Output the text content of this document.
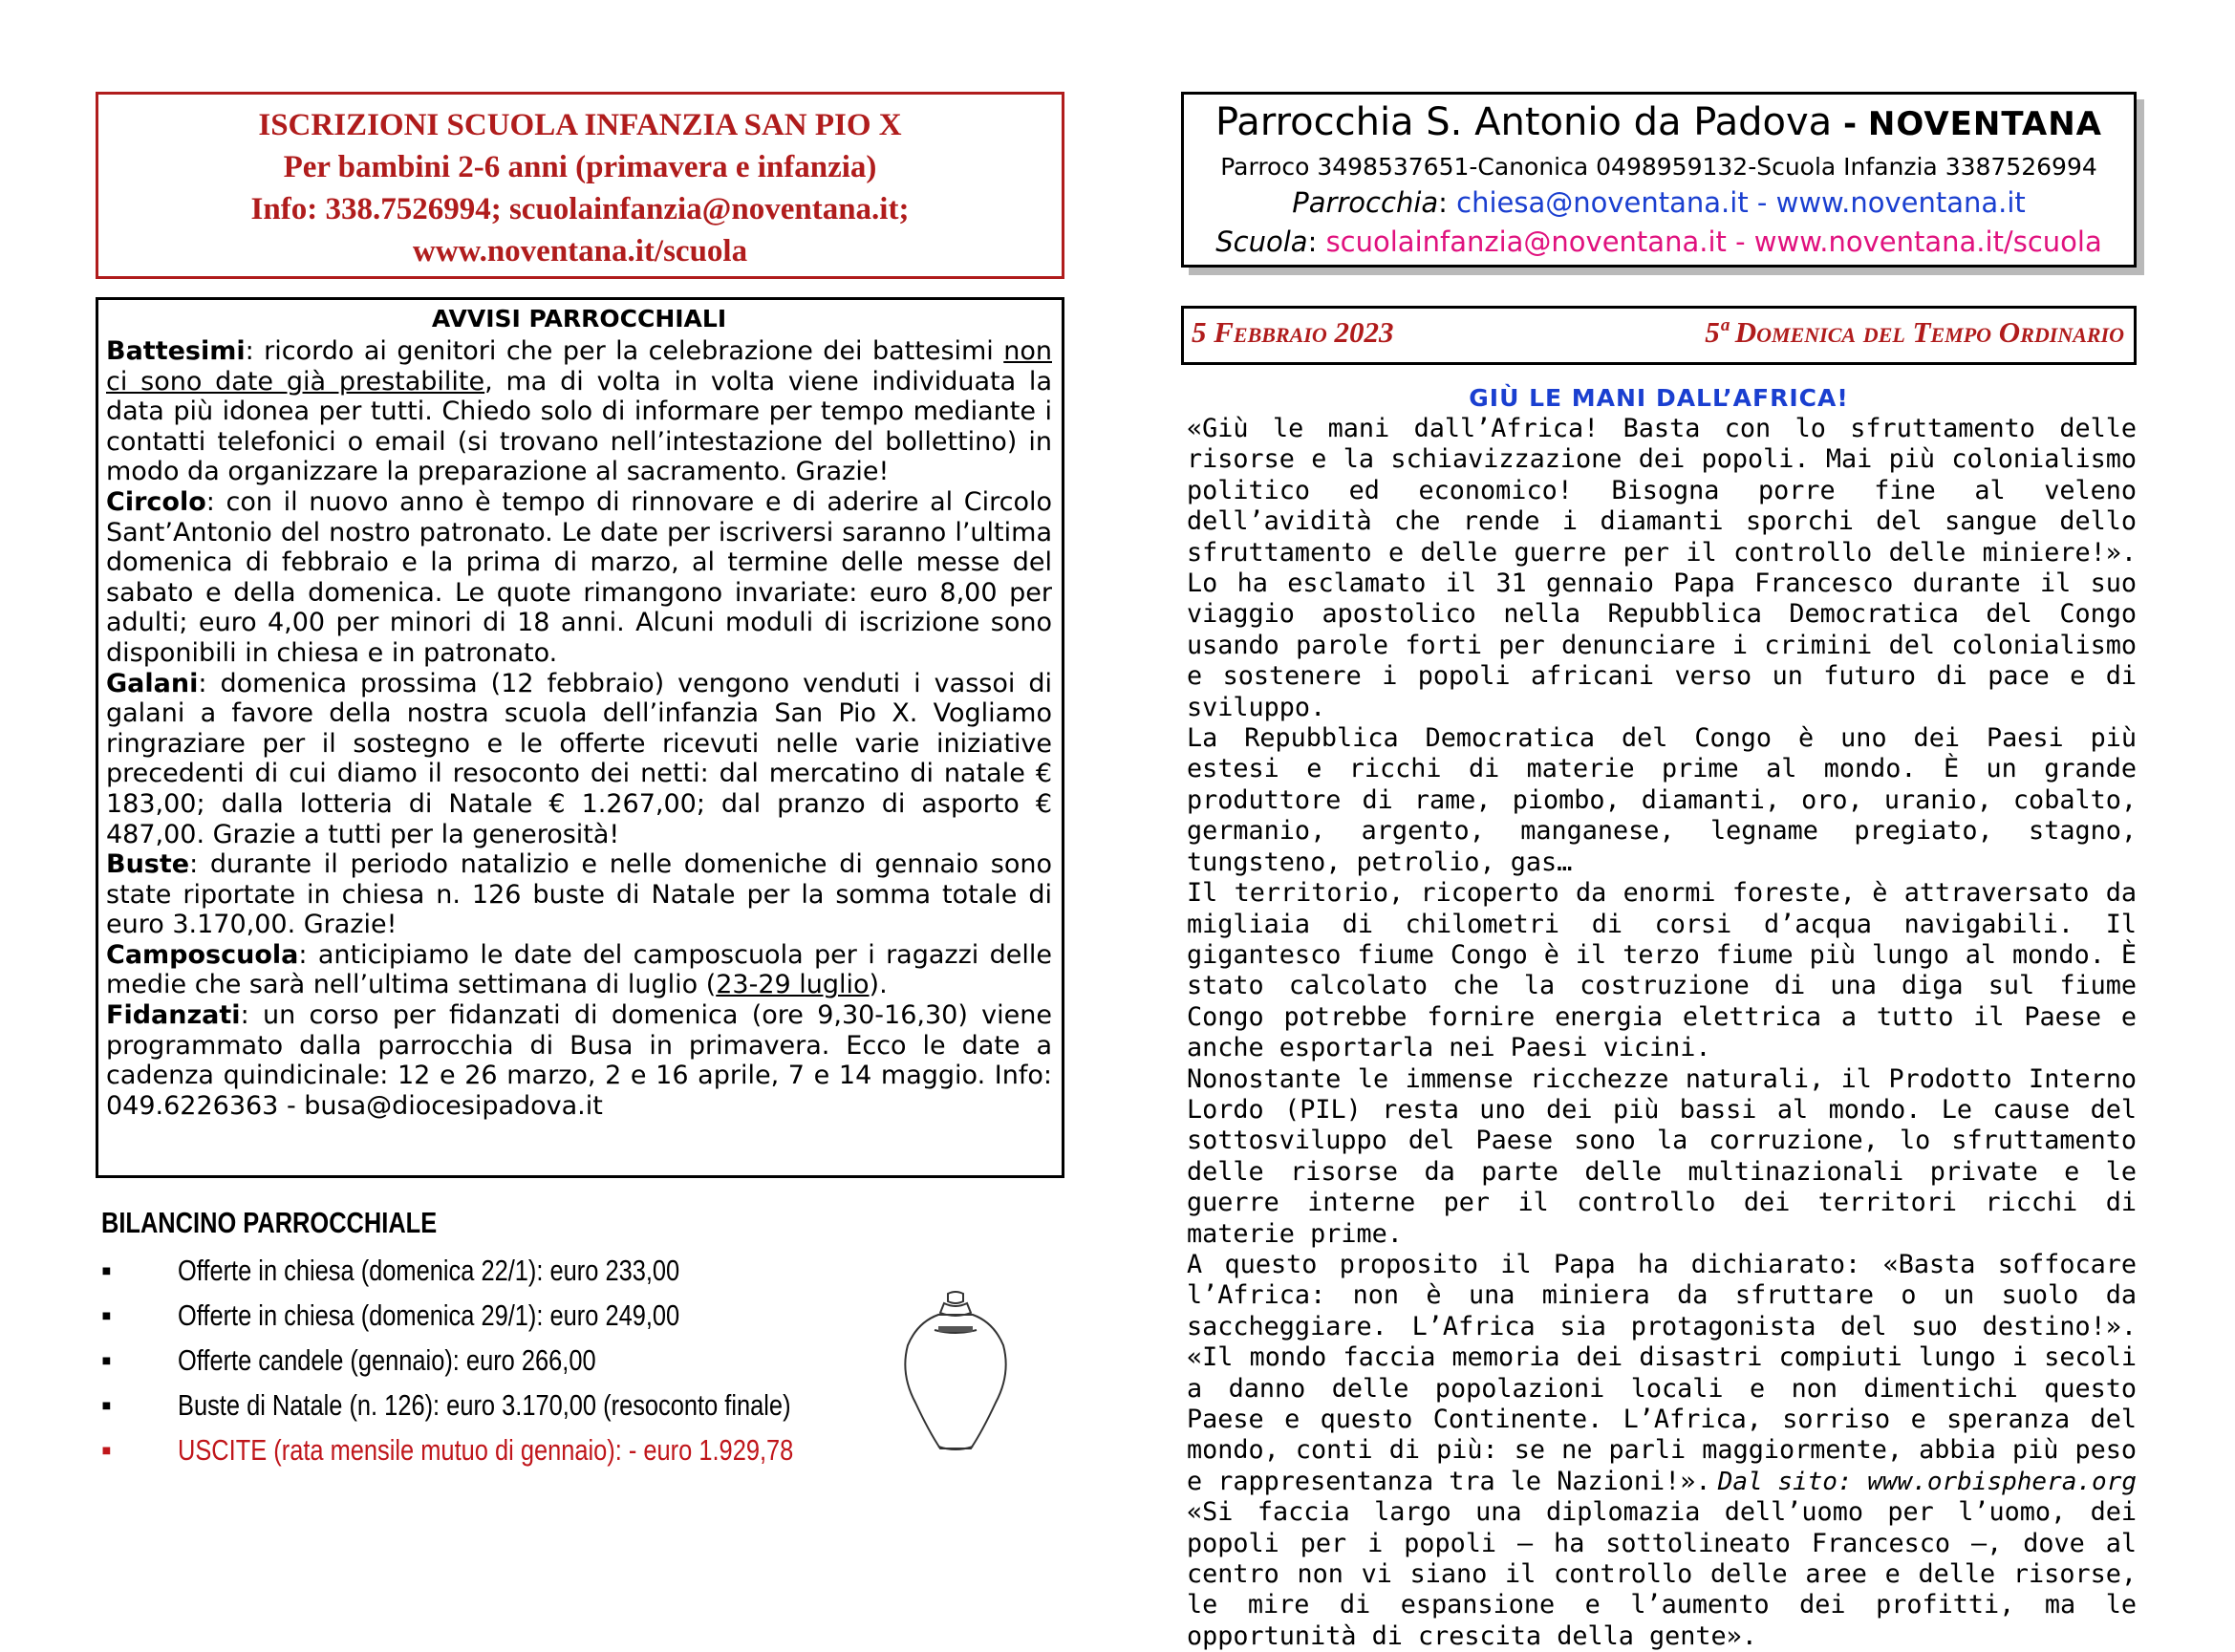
ISCRIZIONI SCUOLA INFANZIA SAN PIO X
Per bambini 2-6 anni (primavera e infanzia)
Info: 338.7526994; scuolainfanzia@noventana.it;
www.noventana.it/scuola
AVVISI PARROCCHIALI

Battesimi: ricordo ai genitori che per la celebrazione dei battesimi non ci sono date già prestabilite, ma di volta in volta viene individuata la data più idonea per tutti. Chiedo solo di informare per tempo mediante i contatti telefonici o email (si trovano nell’intestazione del bollettino) in modo da organizzare la preparazione al sacramento. Grazie!

Circolo: con il nuovo anno è tempo di rinnovare e di aderire al Circolo Sant’Antonio del nostro patronato. Le date per iscriversi saranno l’ultima domenica di febbraio e la prima di marzo, al termine delle messe del sabato e della domenica. Le quote rimangono invariate: euro 8,00 per adulti; euro 4,00 per minori di 18 anni. Alcuni moduli di iscrizione sono disponibili in chiesa e in patronato.

Galani: domenica prossima (12 febbraio) vengono venduti i vassoi di galani a favore della nostra scuola dell’infanzia San Pio X. Vogliamo ringraziare per il sostegno e le offerte ricevuti nelle varie iniziative precedenti di cui diamo il resoconto dei netti: dal mercatino di natale € 183,00; dalla lotteria di Natale € 1.267,00; dal pranzo di asporto € 487,00. Grazie a tutti per la generosità!

Buste: durante il periodo natalizio e nelle domeniche di gennaio sono state riportate in chiesa n. 126 buste di Natale per la somma totale di euro 3.170,00. Grazie!

Camposcuola: anticipiamo le date del camposcuola per i ragazzi delle medie che sarà nell’ultima settimana di luglio (23-29 luglio).

Fidanzati: un corso per fidanzati di domenica (ore 9,30-16,30) viene programmato dalla parrocchia di Busa in primavera. Ecco le date a cadenza quindicinale: 12 e 26 marzo, 2 e 16 aprile, 7 e 14 maggio. Info: 049.6226363 - busa@diocesipadova.it

BILANCINO PARROCCHIALE
▪ Offerte in chiesa (domenica 22/1): euro 233,00
▪ Offerte in chiesa (domenica 29/1): euro 249,00
▪ Offerte candele (gennaio): euro 266,00
▪ Buste di Natale (n. 126): euro 3.170,00 (resoconto finale)
▪ USCITE (rata mensile mutuo di gennaio): - euro 1.929,78
Parrocchia S. Antonio da Padova - NOVENTANA
Parroco 3498537651-Canonica 0498959132-Scuola Infanzia 3387526994
Parrocchia: chiesa@noventana.it - www.noventana.it
Scuola: scuolainfanzia@noventana.it - www.noventana.it/scuola
5 Febbraio 2023	5ª Domenica del Tempo Ordinario
GIÙ LE MANI DALL’AFRICA!

«Giù le mani dall’Africa! Basta con lo sfruttamento delle risorse e la schiavizzazione dei popoli. Mai più colonialismo politico ed economico! Bisogna porre fine al veleno dell’avidità che rende i diamanti sporchi del sangue dello sfruttamento e delle guerre per il controllo delle miniere!». Lo ha esclamato il 31 gennaio Papa Francesco durante il suo viaggio apostolico nella Repubblica Democratica del Congo usando parole forti per denunciare i crimini del colonialismo e sostenere i popoli africani verso un futuro di pace e di sviluppo.

La Repubblica Democratica del Congo è uno dei Paesi più estesi e ricchi di materie prime al mondo. È un grande produttore di rame, piombo, diamanti, oro, uranio, cobalto, germanio, argento, manganese, legname pregiato, stagno, tungsteno, petrolio, gas…

Il territorio, ricoperto da enormi foreste, è attraversato da migliaia di chilometri di corsi d’acqua navigabili. Il gigantesco fiume Congo è il terzo fiume più lungo al mondo. È stato calcolato che la costruzione di una diga sul fiume Congo potrebbe fornire energia elettrica a tutto il Paese e anche esportarla nei Paesi vicini.

Nonostante le immense ricchezze naturali, il Prodotto Interno Lordo (PIL) resta uno dei più bassi al mondo. Le cause del sottosviluppo del Paese sono la corruzione, lo sfruttamento delle risorse da parte delle multinazionali private e le guerre interne per il controllo dei territori ricchi di materie prime.

A questo proposito il Papa ha dichiarato: «Basta soffocare l’Africa: non è una miniera da sfruttare o un suolo da saccheggiare. L’Africa sia protagonista del suo destino!». «Il mondo faccia memoria dei disastri compiuti lungo i secoli a danno delle popolazioni locali e non dimentichi questo Paese e questo Continente. L’Africa, sorriso e speranza del mondo, conti di più: se ne parli maggiormente, abbia più peso e rappresentanza tra le Nazioni!».

«Si faccia largo una diplomazia dell’uomo per l’uomo, dei popoli per i popoli – ha sottolineato Francesco –, dove al centro non vi siano il controllo delle aree e delle risorse, le mire di espansione e l’aumento dei profitti, ma le opportunità di crescita della gente».

Dal sito: www.orbisphera.org
